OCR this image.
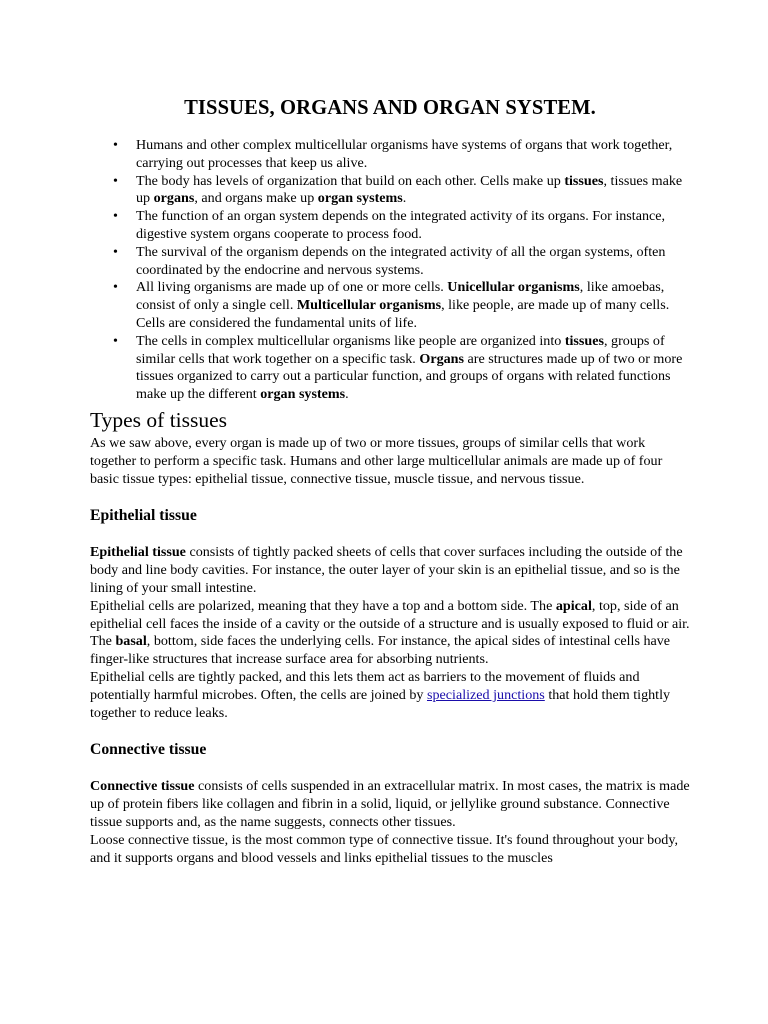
TISSUES, ORGANS AND ORGAN SYSTEM.
• Humans and other complex multicellular organisms have systems of organs that work together, carrying out processes that keep us alive.
• The body has levels of organization that build on each other. Cells make up tissues, tissues make up organs, and organs make up organ systems.
• The function of an organ system depends on the integrated activity of its organs. For instance, digestive system organs cooperate to process food.
• The survival of the organism depends on the integrated activity of all the organ systems, often coordinated by the endocrine and nervous systems.
• All living organisms are made up of one or more cells. Unicellular organisms, like amoebas, consist of only a single cell. Multicellular organisms, like people, are made up of many cells. Cells are considered the fundamental units of life.
• The cells in complex multicellular organisms like people are organized into tissues, groups of similar cells that work together on a specific task. Organs are structures made up of two or more tissues organized to carry out a particular function, and groups of organs with related functions make up the different organ systems.
Types of tissues

As we saw above, every organ is made up of two or more tissues, groups of similar cells that work together to perform a specific task. Humans and other large multicellular animals are made up of four basic tissue types: epithelial tissue, connective tissue, muscle tissue, and nervous tissue.

Epithelial tissue

Epithelial tissue consists of tightly packed sheets of cells that cover surfaces including the outside of the body and line body cavities. For instance, the outer layer of your skin is an epithelial tissue, and so is the lining of your small intestine.

Epithelial cells are polarized, meaning that they have a top and a bottom side. The apical, top, side of an epithelial cell faces the inside of a cavity or the outside of a structure and is usually exposed to fluid or air. The basal, bottom, side faces the underlying cells. For instance, the apical sides of intestinal cells have finger-like structures that increase surface area for absorbing nutrients.

Epithelial cells are tightly packed, and this lets them act as barriers to the movement of fluids and potentially harmful microbes. Often, the cells are joined by specialized junctions that hold them tightly together to reduce leaks.

Connective tissue

Connective tissue consists of cells suspended in an extracellular matrix. In most cases, the matrix is made up of protein fibers like collagen and fibrin in a solid, liquid, or jellylike ground substance. Connective tissue supports and, as the name suggests, connects other tissues.

Loose connective tissue, is the most common type of connective tissue. It's found throughout your body, and it supports organs and blood vessels and links epithelial tissues to the muscles
